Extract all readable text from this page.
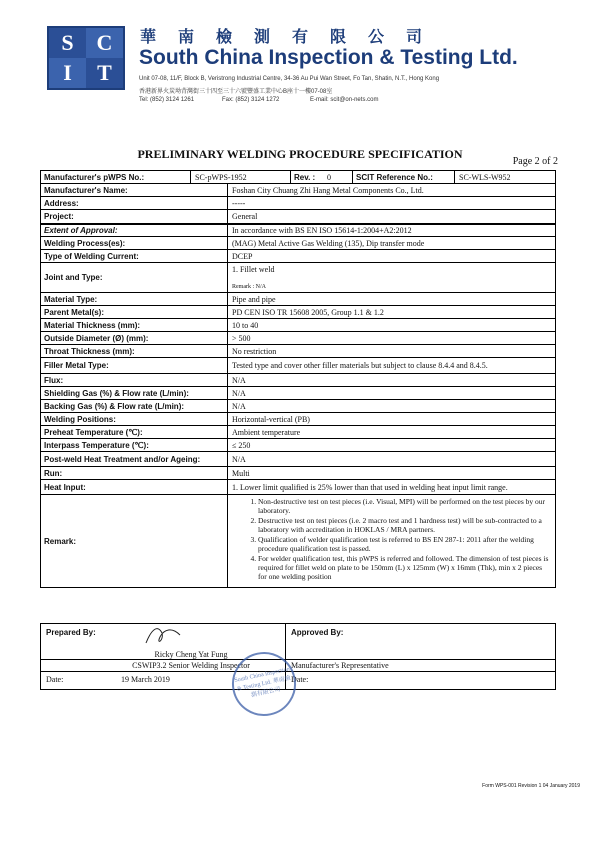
S	C
I	T
華南檢測有限公司
South China Inspection & Testing Ltd.
Unit 07-08, 11/F, Block B, Veristrong Industrial Centre, 34-36 Au Pui Wan Street, Fo Tan, Shatin, N.T., Hong Kong
香港新界火炭坳背灣街三十四至三十六號豐盛工業中心B座十一樓07-08室
Tel: (852) 3124 1261	Fax: (852) 3124 1272	E-mail: scit@on-nets.com
PRELIMINARY WELDING PROCEDURE SPECIFICATION
Page 2 of 2
Manufacturer's pWPS No.:	SC-pWPS-1952	Rev. :	0	SCIT Reference No.:	SC-WLS-W952
Manufacturer's Name:	Foshan City Chuang Zhi Hang Metal Components Co., Ltd.
Address:	-----
Project:	General
Extent of Approval:	In accordance with BS EN ISO 15614-1:2004+A2:2012
Welding Process(es):	(MAG) Metal Active Gas Welding (135), Dip transfer mode
Type of Welding Current:	DCEP
Joint and Type:
1. Fillet weld
Remark : N/A
Material Type:	Pipe and pipe
Parent Metal(s):	PD CEN ISO TR 15608 2005, Group 1.1 & 1.2
Material Thickness (mm):	10 to 40
Outside Diameter (Ø) (mm):	> 500
Throat Thickness (mm):	No restriction
Filler Metal Type:	Tested type and cover other filler materials but subject to clause 8.4.4 and 8.4.5.
Flux:	N/A
Shielding Gas (%) & Flow rate (L/min):	N/A
Backing Gas (%) & Flow rate (L/min):	N/A
Welding Positions:	Horizontal-vertical (PB)
Preheat Temperature (℃):	Ambient temperature
Interpass Temperature (℃):	≤ 250
Post-weld Heat Treatment and/or Ageing:	N/A
Run:	Multi
Heat Input:	1. Lower limit qualified is 25% lower than that used in welding heat input limit range.
Remark:
1. Non-destructive test on test pieces (i.e. Visual, MPI) will be performed on the test pieces by our laboratory.
2. Destructive test on test pieces (i.e. 2 macro test and 1 hardness test) will be sub-contracted to a laboratory with accreditation in HOKLAS / MRA partners.
3. Qualification of welder qualification test is referred to BS EN 287-1: 2011 after the welding procedure qualification test is passed.
4. For welder qualification test, this pWPS is referred and followed. The dimension of test pieces is required for fillet weld on plate to be 150mm (L) x 125mm (W) x 16mm (Thk), min x 2 pieces for one welding position
Prepared By:
Ricky Cheng Yat Fung
CSWIP3.2 Senior Welding Inspector
Date:	19 March 2019
Approved By:
Manufacturer's Representative
Date:
South China Inspection & Testing Ltd. 華南檢測有限公司
Form WPS-001 Revision 1 04 January 2019
